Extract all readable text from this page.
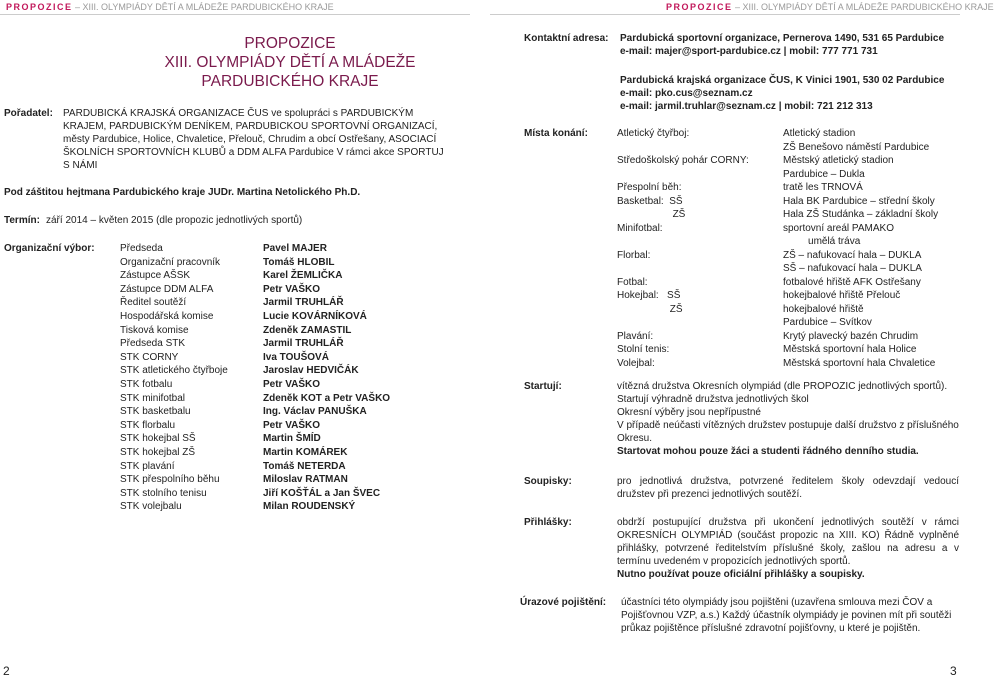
PROPOZICE – XIII. OLYMPIÁDY DĚTÍ A MLÁDEŽE PARDUBICKÉHO KRAJE
PROPOZICE
XIII. OLYMPIÁDY DĚTÍ A MLÁDEŽE
PARDUBICKÉHO KRAJE
Pořadatel: PARDUBICKÁ KRAJSKÁ ORGANIZACE ČUS ve spolupráci s PARDUBICKÝM KRAJEM, PARDUBICKÝM DENÍKEM, PARDUBICKOU SPORTOVNÍ ORGANIZACÍ, městy Pardubice, Holice, Chvaletice, Přelouč, Chrudim a obcí Ostřešany, ASOCIACÍ ŠKOLNÍCH SPORTOVNÍCH KLUBŮ a DDM ALFA Pardubice V rámci akce SPORTUJ S NÁMI
Pod záštitou hejtmana Pardubického kraje JUDr. Martina Netolického Ph.D.
Termín: září 2014 – květen 2015 (dle propozic jednotlivých sportů)
Organizační výbor:	Předseda	Pavel MAJER
Organizační pracovník	Tomáš HLOBIL
Zástupce AŠSK	Karel ŽEMLIČKA
Zástupce DDM ALFA	Petr VAŠKO
Ředitel soutěží	Jarmil TRUHLÁŘ
Hospodářská komise	Lucie KOVÁRNÍKOVÁ
Tisková komise	Zdeněk ZAMASTIL
Předseda STK	Jarmil TRUHLÁŘ
STK CORNY	Iva TOUŠOVÁ
STK atletického čtyřboje	Jaroslav HEDVIČÁK
STK fotbalu	Petr VAŠKO
STK minifotbal	Zdeněk KOT a Petr VAŠKO
STK basketbalu	Ing. Václav PANUŠKA
STK florbalu	Petr VAŠKO
STK hokejbal SŠ	Martin ŠMÍD
STK hokejbal ZŠ	Martin KOMÁREK
STK plavání	Tomáš NETERDA
STK přespolního běhu	Miloslav RATMAN
STK stolního tenisu	Jiří KOŠŤÁL a Jan ŠVEC
STK volejbalu	Milan ROUDENSKÝ
2
PROPOZICE – XIII. OLYMPIÁDY DĚTÍ A MLÁDEŽE PARDUBICKÉHO KRAJE
Kontaktní adresa: Pardubická sportovní organizace, Pernerova 1490, 531 65 Pardubice
e-mail: majer@sport-pardubice.cz | mobil: 777 771 731
Pardubická krajská organizace ČUS, K Vinici 1901, 530 02 Pardubice
e-mail: pko.cus@seznam.cz
e-mail: jarmil.truhlar@seznam.cz | mobil: 721 212 313
Místa konání:	Atletický čtyřboj:	Atletický stadion
ZŠ Benešovo náměstí Pardubice
Středoškolský pohár CORNY:	Městský atletický stadion
Pardubice – Dukla
Přespolní běh:	tratě les TRNOVÁ
Basketbal:  SŠ	Hala BK Pardubice – střední školy
ZŠ	Hala ZŠ Studánka – základní školy
Minifotbal:	sportovní areál PAMAKO
umělá tráva
Florbal:	ZŠ – nafukovací hala – DUKLA
SŠ – nafukovací hala – DUKLA
Fotbal:	fotbalové hřiště AFK Ostřešany
Hokejbal:   SŠ	hokejbalové hřiště Přelouč
ZŠ	hokejbalové hřiště
Pardubice – Svítkov
Plavání:	Krytý plavecký bazén Chrudim
Stolní tenis:	Městská sportovní hala Holice
Volejbal:	Městská sportovní hala Chvaletice
Startují:	vítězná družstva Okresních olympiád (dle PROPOZIC jednotlivých sportů).
Startují výhradně družstva jednotlivých škol
Okresní výběry jsou nepřípustné
V případě neúčasti vítězných družstev postupuje další družstvo z příslušného Okresu.
Startovat mohou pouze žáci a studenti řádného denního studia.
Soupisky:	pro jednotlivá družstva, potvrzené ředitelem školy odevzdají vedoucí družstev při prezenci jednotlivých soutěží.
Přihlášky:	obdrží postupující družstva při ukončení jednotlivých soutěží v rámci OKRESNÍCH OLYMPIÁD (součást propozic na XIII. KO) Řádně vyplněné přihlášky, potvrzené ředitelstvím příslušné školy, zašlou na adresu a v termínu uvedeném v propozicích jednotlivých sportů.
Nutno používat pouze oficiální přihlášky a soupisky.
Úrazové pojištění: účastníci této olympiády jsou pojištěni (uzavřena smlouva mezi ČOV a Pojišťovnou VZP, a.s.) Každý účastník olympiády je povinen mít při soutěži průkaz pojištěnce příslušné zdravotní pojišťovny, u které je pojištěn.
3
